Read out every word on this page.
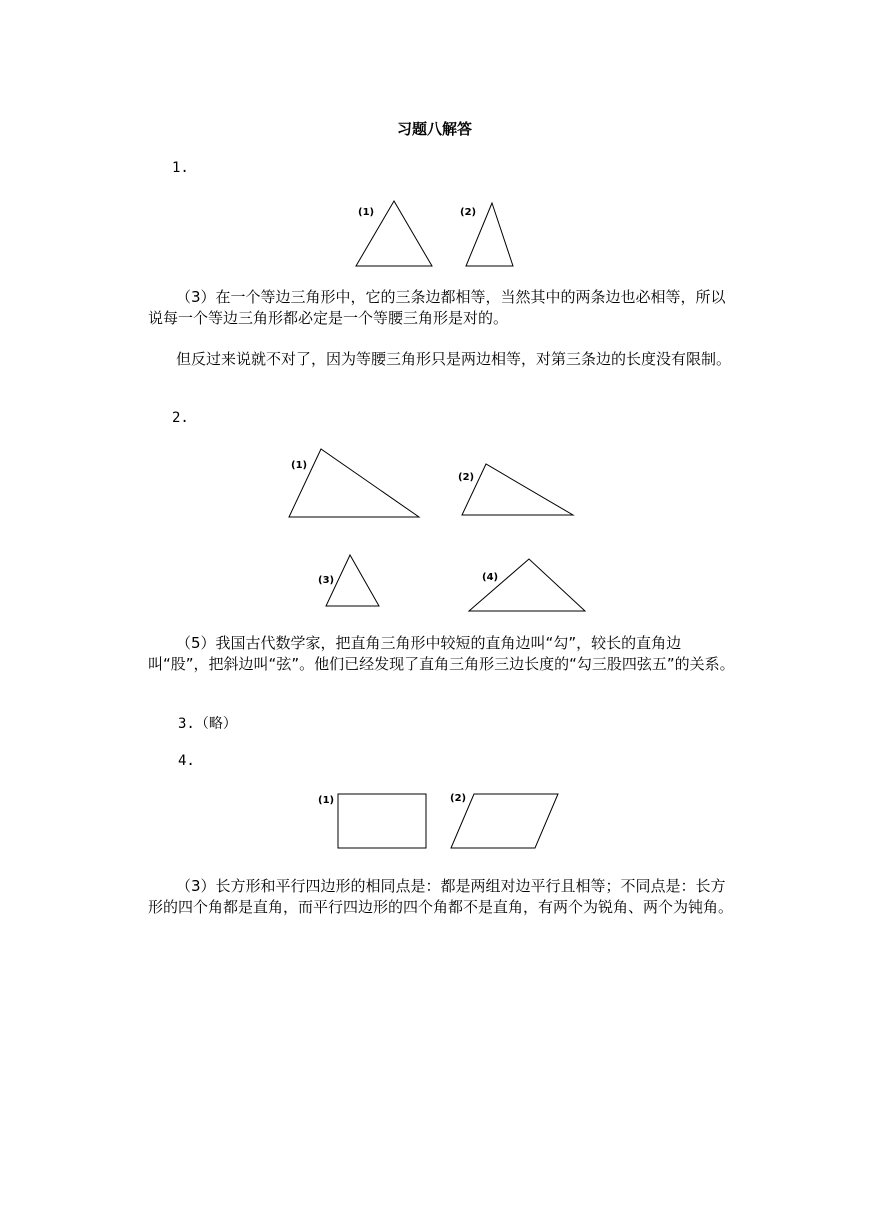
习题八解答
1.
(1)	(2)
(1)
(2)
(3)	(4)
(1)	(2)
（3）在一个等边三角形中，它的三条边都相等，当然其中的两条边也必相等，所以说每一个等边三角形都必定是一个等腰三角形是对的。
但反过来说就不对了，因为等腰三角形只是两边相等，对第三条边的长度没有限制。
2.
（5）我国古代数学家，把直角三角形中较短的直角边叫“勾”，较长的直角边叫“股”，把斜边叫“弦”。他们已经发现了直角三角形三边长度的“勾三股四弦五”的关系。
3.（略）
4.
（3）长方形和平行四边形的相同点是：都是两组对边平行且相等；不同点是：长方形的四个角都是直角，而平行四边形的四个角都不是直角，有两个为锐角、两个为钝角。
